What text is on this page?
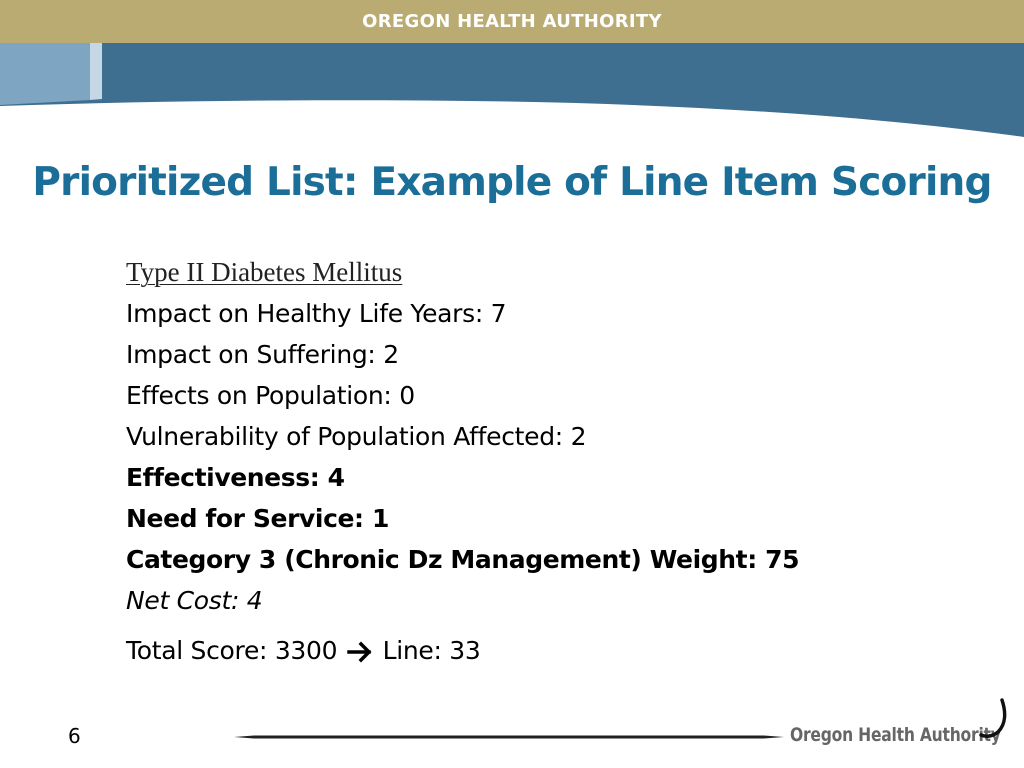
OREGON HEALTH AUTHORITY
Prioritized List: Example of Line Item Scoring
Type II Diabetes Mellitus
Impact on Healthy Life Years: 7
Impact on Suffering: 2
Effects on Population: 0
Vulnerability of Population Affected: 2
Effectiveness: 4
Need for Service: 1
Category 3 (Chronic Dz Management) Weight: 75
Net Cost: 4
Total Score: 3300 Line: 33
6	Oregon Health Authority
